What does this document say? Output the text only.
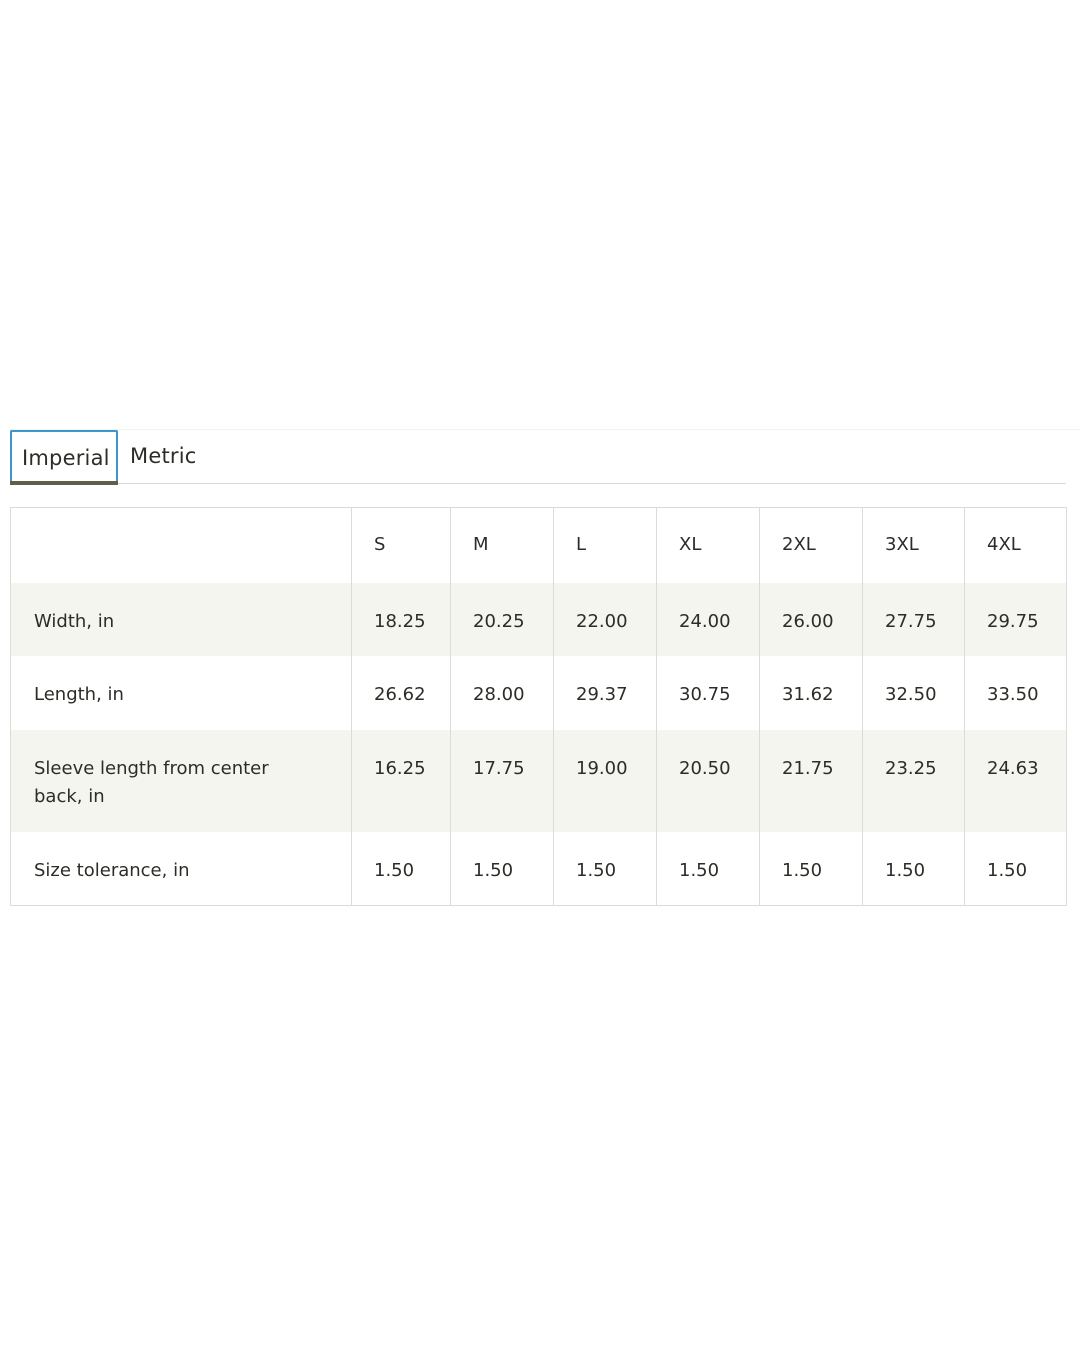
Imperial Metric
	S	M	L	XL	2XL	3XL	4XL
Width, in	18.25	20.25	22.00	24.00	26.00	27.75	29.75
Length, in	26.62	28.00	29.37	30.75	31.62	32.50	33.50
Sleeve length from center back, in	16.25	17.75	19.00	20.50	21.75	23.25	24.63
Size tolerance, in	1.50	1.50	1.50	1.50	1.50	1.50	1.50
